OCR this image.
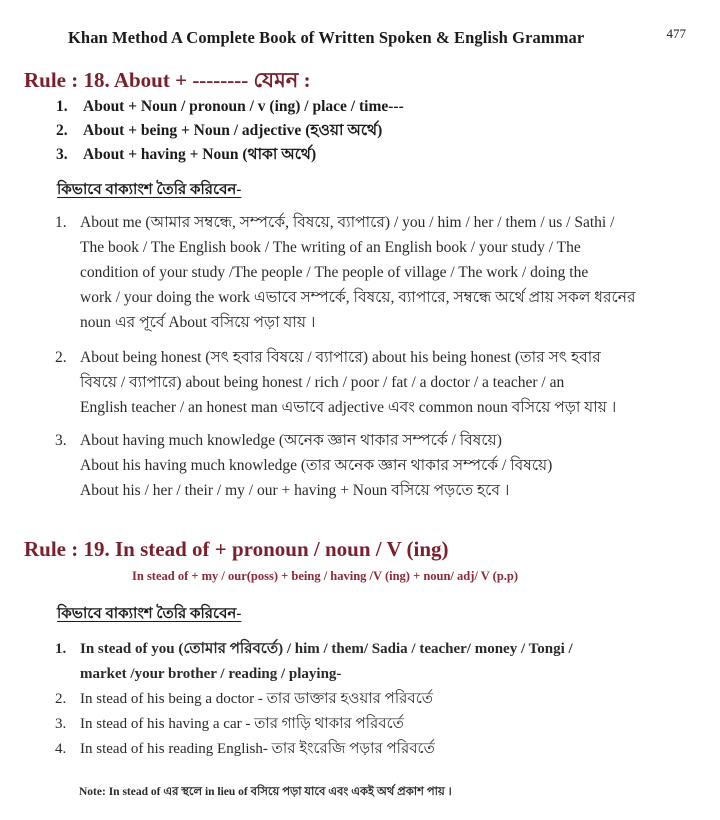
Khan Method A Complete Book of Written Spoken & English Grammar	477
Rule : 18. About + -------- যেমন :
1. About + Noun / pronoun / v (ing) / place / time---
2. About + being + Noun / adjective (হওয়া অর্থে)
3. About + having + Noun (থাকা অর্থে)
কিভাবে বাক্যাংশ তৈরি করিবেন-
1. About me (আমার সম্বন্ধে, সম্পর্কে, বিষয়ে, ব্যাপারে) / you / him / her / them / us / Sathi /
The book / The English book / The writing of an English book / your study / The
condition of your study /The people / The people of village / The work / doing the
work / your doing the work এভাবে সম্পর্কে, বিষয়ে, ব্যাপারে, সম্বন্ধে অর্থে প্রায় সকল ধরনের
noun এর পূর্বে About বসিয়ে পড়া যায় ।
2. About being honest (সৎ হবার বিষয়ে / ব্যাপারে) about his being honest (তার সৎ হবার
বিষয়ে / ব্যাপারে) about being honest / rich / poor / fat / a doctor / a teacher / an
English teacher / an honest man এভাবে adjective এবং common noun বসিয়ে পড়া যায় ।
3. About having much knowledge (অনেক জ্ঞান থাকার সম্পর্কে / বিষয়ে)
About his having much knowledge (তার অনেক জ্ঞান থাকার সম্পর্কে / বিষয়ে)
About his / her / their / my / our + having + Noun বসিয়ে পড়তে হবে ।
Rule : 19. In stead of + pronoun / noun / V (ing)
In stead of + my / our(poss) + being / having /V (ing) + noun/ adj/ V (p.p)
কিভাবে বাক্যাংশ তৈরি করিবেন-
1. In stead of you (তোমার পরিবর্তে) / him / them/ Sadia / teacher/ money / Tongi /
market /your brother / reading / playing-
2. In stead of his being a doctor - তার ডাক্তার হওয়ার পরিবর্তে
3. In stead of his having a car - তার গাড়ি থাকার পরিবর্তে
4. In stead of his reading English- তার ইংরেজি পড়ার পরিবর্তে
Note: In stead of এর স্থলে in lieu of বসিয়ে পড়া যাবে এবং একই অর্থ প্রকাশ পায় ।
